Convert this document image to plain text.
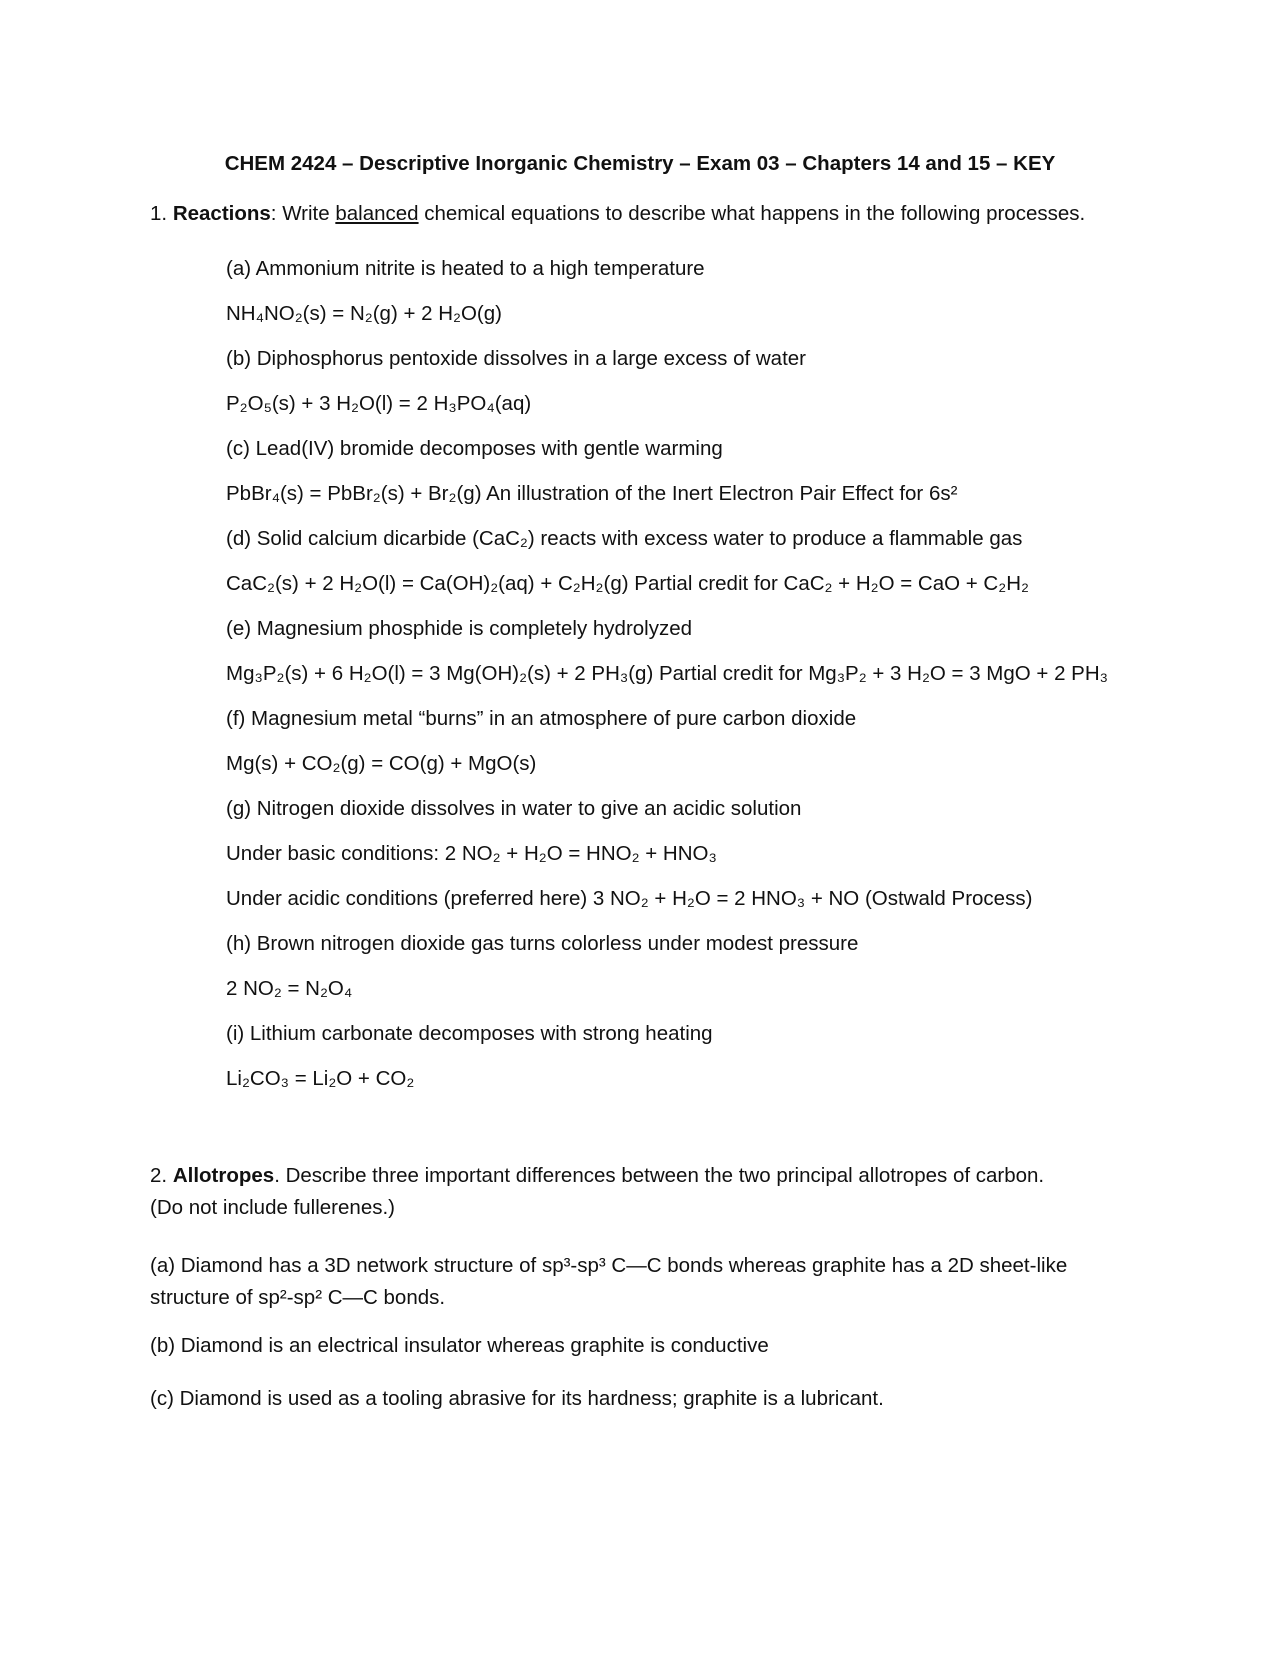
CHEM 2424 – Descriptive Inorganic Chemistry – Exam 03 – Chapters 14 and 15 – KEY
1. Reactions: Write balanced chemical equations to describe what happens in the following processes.
(a) Ammonium nitrite is heated to a high temperature
NH₄NO₂(s) = N₂(g) + 2 H₂O(g)
(b) Diphosphorus pentoxide dissolves in a large excess of water
P₂O₅(s) + 3 H₂O(l) = 2 H₃PO₄(aq)
(c) Lead(IV) bromide decomposes with gentle warming
PbBr₄(s) = PbBr₂(s) + Br₂(g) An illustration of the Inert Electron Pair Effect for 6s²
(d) Solid calcium dicarbide (CaC₂) reacts with excess water to produce a flammable gas
CaC₂(s) + 2 H₂O(l) = Ca(OH)₂(aq) + C₂H₂(g) Partial credit for CaC₂ + H₂O = CaO + C₂H₂
(e) Magnesium phosphide is completely hydrolyzed
Mg₃P₂(s) + 6 H₂O(l) = 3 Mg(OH)₂(s) + 2 PH₃(g) Partial credit for Mg₃P₂ + 3 H₂O = 3 MgO + 2 PH₃
(f) Magnesium metal “burns” in an atmosphere of pure carbon dioxide
Mg(s) + CO₂(g) = CO(g) + MgO(s)
(g) Nitrogen dioxide dissolves in water to give an acidic solution
Under basic conditions: 2 NO₂ + H₂O = HNO₂ + HNO₃
Under acidic conditions (preferred here) 3 NO₂ + H₂O = 2 HNO₃ + NO (Ostwald Process)
(h) Brown nitrogen dioxide gas turns colorless under modest pressure
2 NO₂ = N₂O₄
(i) Lithium carbonate decomposes with strong heating
Li₂CO₃ = Li₂O + CO₂
2. Allotropes. Describe three important differences between the two principal allotropes of carbon.
(Do not include fullerenes.)
(a) Diamond has a 3D network structure of sp³-sp³ C—C bonds whereas graphite has a 2D sheet-like structure of sp²-sp² C—C bonds.
(b) Diamond is an electrical insulator whereas graphite is conductive
(c) Diamond is used as a tooling abrasive for its hardness; graphite is a lubricant.
